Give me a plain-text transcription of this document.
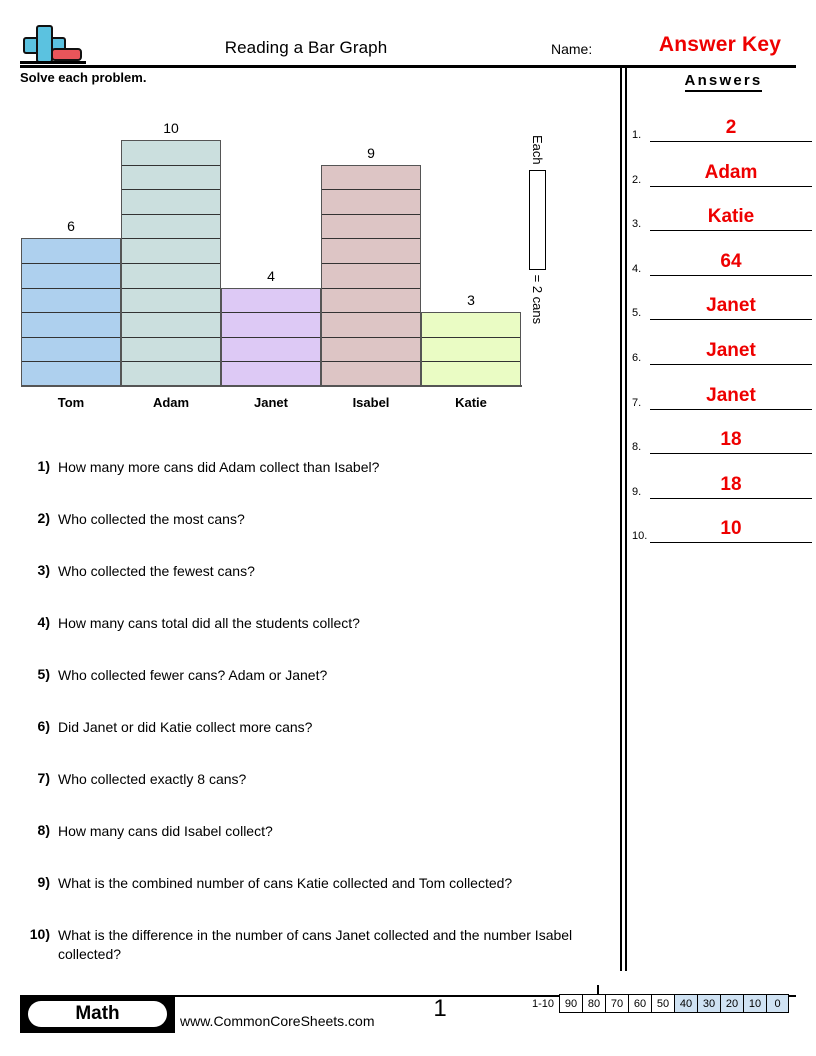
Reading a Bar Graph	Name:	Answer Key
Solve each problem.
Each
= 2 cans
6
Tom
10
Adam
4
Janet
9
Isabel
3
Katie
1) How many more cans did Adam collect than Isabel?
2) Who collected the most cans?
3) Who collected the fewest cans?
4) How many cans total did all the students collect?
5) Who collected fewer cans? Adam or Janet?
6) Did Janet or did Katie collect more cans?
7) Who collected exactly 8 cans?
8) How many cans did Isabel collect?
9) What is the combined number of cans Katie collected and Tom collected?
10) What is the difference in the number of cans Janet collected and the number Isabel collected?
Answers
1.	2
2.	Adam
3.	Katie
4.	64
5.	Janet
6.	Janet
7.	Janet
8.	18
9.	18
10.	10
Math	www.CommonCoreSheets.com	1	1-10 90 80 70 60 50 40 30 20 10	0
